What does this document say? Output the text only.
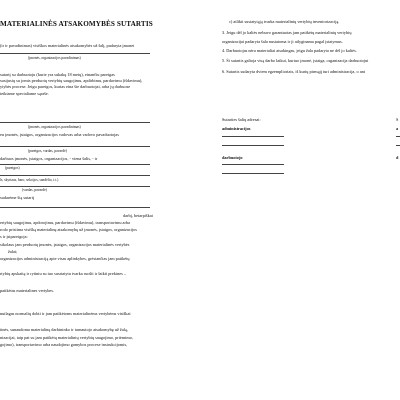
MATERIALINĖS ATSAKOMYBĖS SUTARTIS
(ir ir pavadinimas) visiškos materialinės atsakomybės už šalį, padaryta įmonei
(įmonės, organizacijos pavadinimas)
sutartį su darbuotoju (kurie yra sukakę 18 metų), einančiu pareigas
susijusių su jomis perduotų vertybių saugojimu, apdirbimu, pardavimu (išdavimu),
ytybės procese. Jeigu pareigos, kurias eina šie darbuotojai, arba jų darbuose
teiktame specialiame sąraše.
(įmonės, organizacijos pavadinimas)
eu įmonės, įstaigos, organizacijos vadovas arba vadovo pavaduotojas
(pareigos, vardas, pavardė)
darbuos įmonės, įstaigos, organizacijos, - viena šalis, - ir
(pareigos)
ls, skyriaus, baro, sekcijos, sandėlio, t.t.)
(vardas, pavardė)
sudarėme šią sutartį
darbį, betarpiškai
ertybių saugojimu, apdorojimu, pardavimu (išdavimu), transportavimu arba
rodo prisiima visišką materialinę atsakomybę už įmonės, įstaigos, organizacijos
s ir įsipareigoja:
sikolaus jam perduotų įmonės, įstaigos, organizacijos materialinės vertybės
žalai;
organizacijos administraciją apie visas aplinkybes, grėsiančias jam patikėtų
rtybių apskaitą ir rytiniu su tuo susrtatytu tvarka ruošti ir laikti prekines –
patikėtas materialines vertybes.
nuilagas normalių dobti ir jam patikėtoms materialinėms vertybėms visiškai
tinės, sunaudoma materialinę darbininko ir tarnautojo atsakomybę už žalą,
nizacijai, taip pat su jam patikėtų materialinių vertybių saugojimo, priėmimo,
gojimo), transportavimo arba naudojimo gamybos procese instrukcijomis,
c) atlikti sustatytąją tvarka materialinių vertybių inventorizaciją.
3. Jeigu dėl jo kaltės nebuvo garantuotas jam patikėtų materialinių vertybių
organizacijai padaryta šala nustatoma ir ji atlyginama pagal įstatymus.
4. Darbuotojas nėra materialiai atsakingas, jeigu žala padaryta ne dėl jo kaltės.
5. Ši sutartis galioja visą darbo laikui, kuriuo įmonė, įstaiga, organizacija darbuotojui
6. Sutartis sudaryta dviem egzemplioriais, iš kurių pirmąjį turi administracija, o ant
Sutarties šalių adresai:
administracijos
darbuotojo
S
a
d
